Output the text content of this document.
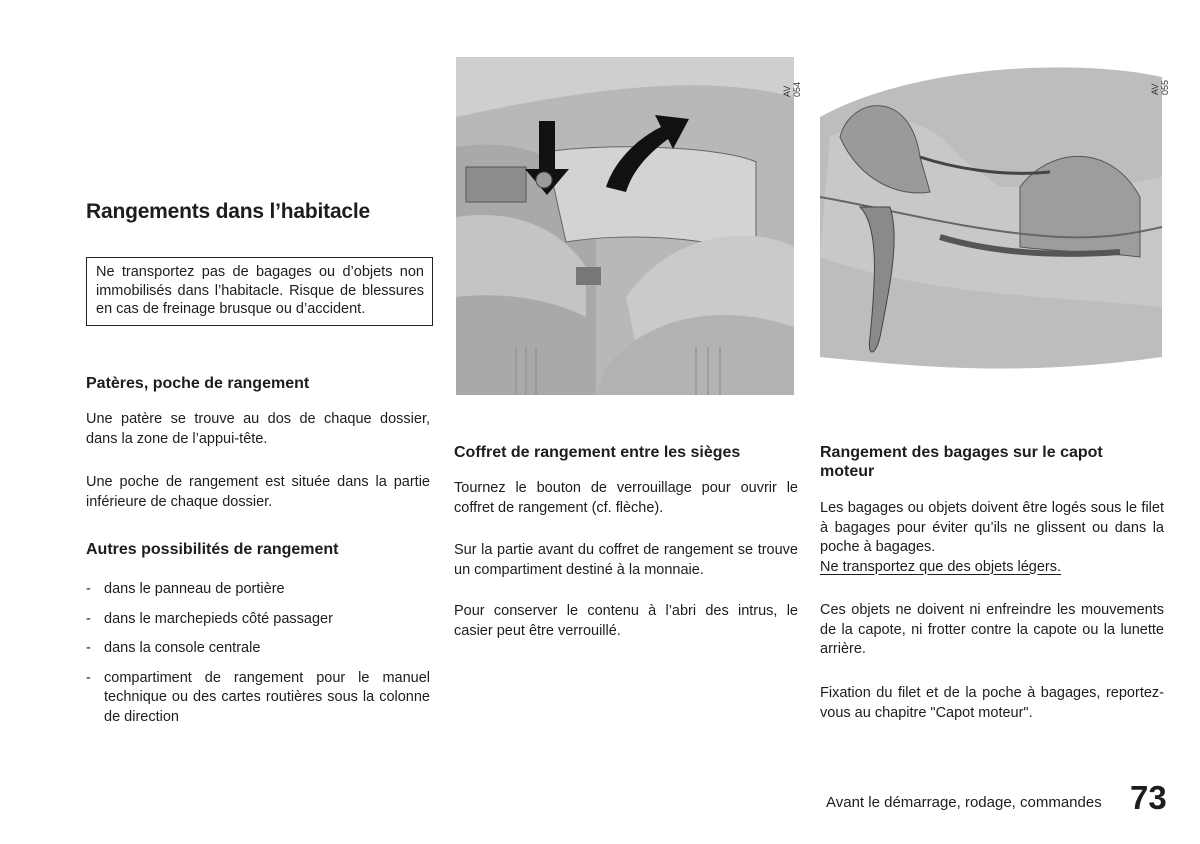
Rangements dans l’habitacle
Ne transportez pas de bagages ou d’objets non immobilisés dans l’habitacle. Risque de blessures en cas de freinage brusque ou d’accident.
Patères, poche de rangement

Une patère se trouve au dos de chaque dossier, dans la zone de l’appui-tête.

Une poche de rangement est située dans la partie inférieure de chaque dossier.

Autres possibilités de rangement
- dans le panneau de portière
- dans le marchepieds côté passager
- dans la console centrale
- compartiment de rangement pour le manuel technique ou des cartes routières sous la colonne de direction
AV 054
Coffret de rangement entre les sièges

Tournez le bouton de verrouillage pour ouvrir le coffret de rangement (cf. flèche).

Sur la partie avant du coffret de rangement se trouve un compartiment destiné à la monnaie.

Pour conserver le contenu à l’abri des intrus, le casier peut être verrouillé.

AV 055
Rangement des bagages sur le capot moteur

Les bagages ou objets doivent être logés sous le filet à bagages pour éviter qu’ils ne glissent ou dans la poche à bagages.
Ne transportez que des objets légers.

Ces objets ne doivent ni enfreindre les mouvements de la capote, ni frotter contre la capote ou la lunette arrière.

Fixation du filet et de la poche à bagages, reportez-vous au chapitre "Capot moteur".

Avant le démarrage, rodage, commandes 73
